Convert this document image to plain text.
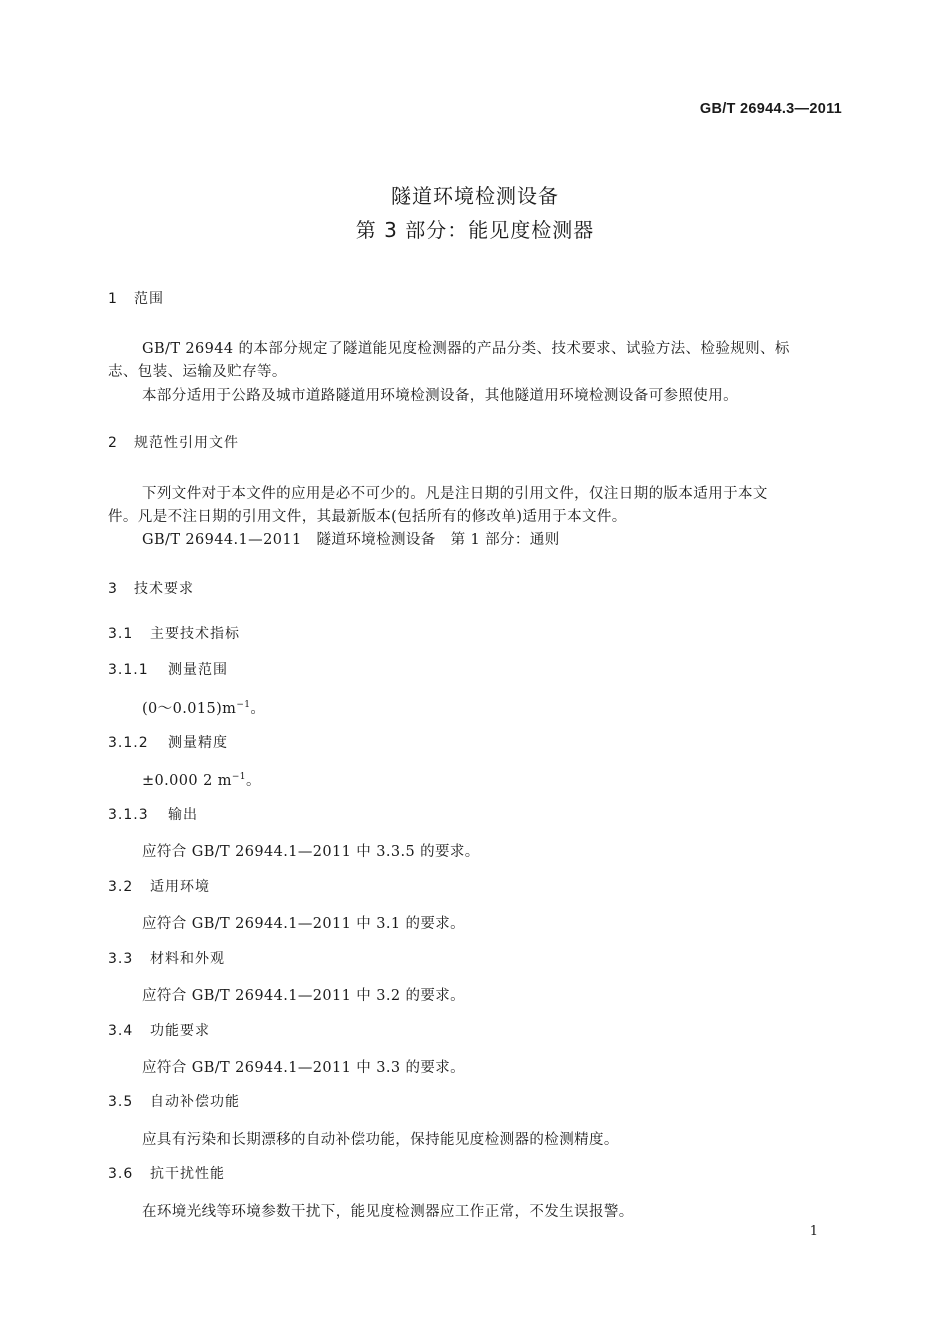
GB/T 26944.3—2011
隧道环境检测设备
第 3 部分：能见度检测器
1 范围
GB/T 26944 的本部分规定了隧道能见度检测器的产品分类、技术要求、试验方法、检验规则、标
志、包装、运输及贮存等。
本部分适用于公路及城市道路隧道用环境检测设备，其他隧道用环境检测设备可参照使用。
2 规范性引用文件
下列文件对于本文件的应用是必不可少的。凡是注日期的引用文件，仅注日期的版本适用于本文
件。凡是不注日期的引用文件，其最新版本(包括所有的修改单)适用于本文件。
GB/T 26944.1—2011　隧道环境检测设备　第 1 部分：通则
3 技术要求
3.1 主要技术指标
3.1.1 测量范围
$(0\sim 0.015)m^{-1}$。
3.1.2 测量精度
±0.000 2 $m^{-1}$。
3.1.3 输出
应符合 GB/T 26944.1—2011 中 3.3.5 的要求。
3.2 适用环境
应符合 GB/T 26944.1—2011 中 3.1 的要求。
3.3 材料和外观
应符合 GB/T 26944.1—2011 中 3.2 的要求。
3.4 功能要求
应符合 GB/T 26944.1—2011 中 3.3 的要求。
3.5 自动补偿功能
应具有污染和长期漂移的自动补偿功能，保持能见度检测器的检测精度。
3.6 抗干扰性能
在环境光线等环境参数干扰下，能见度检测器应工作正常，不发生误报警。
1
